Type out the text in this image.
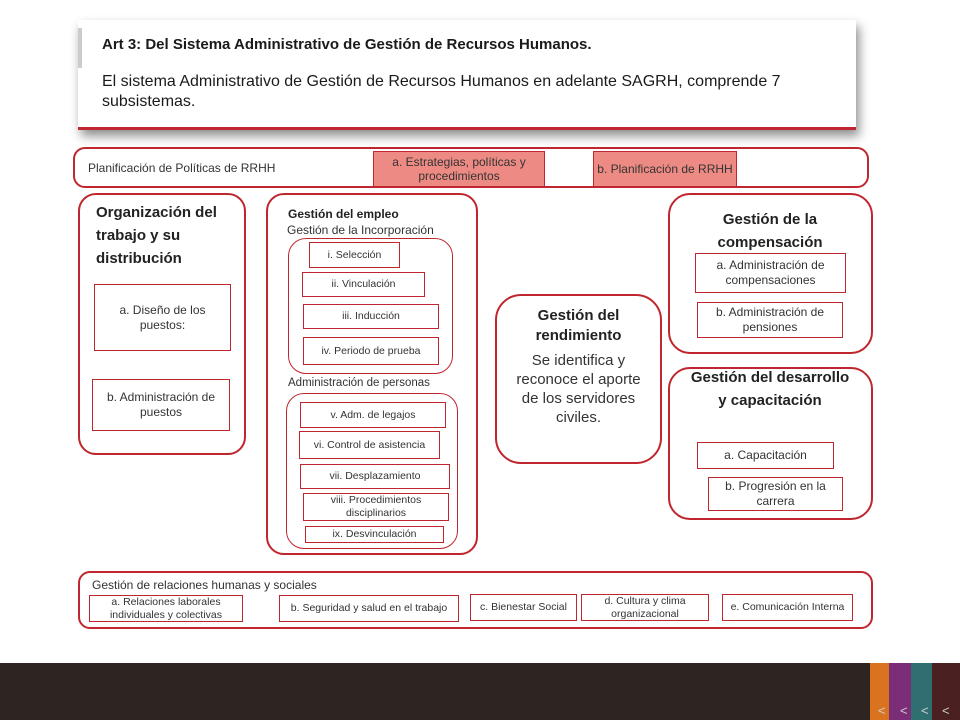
Art 3: Del Sistema Administrativo de Gestión de Recursos Humanos.
El sistema Administrativo de Gestión de Recursos Humanos en adelante SAGRH, comprende 7 subsistemas.
Planificación de Políticas de RRHH	a. Estrategias, políticas y procedimientos	b. Planificación de RRHH
Organización del trabajo y su distribución
a. Diseño de los puestos:
b. Administración de puestos
Gestión del empleo
Gestión de la Incorporación
i. Selección
ii. Vinculación
iii. Inducción
iv. Periodo de prueba
Administración de personas
v. Adm. de legajos
vi. Control de asistencia
vii. Desplazamiento
viii. Procedimientos disciplinarios
ix. Desvinculación
Gestión del rendimiento
Se identifica y reconoce el aporte de los servidores civiles.
Gestión de la compensación
a. Administración de compensaciones
b. Administración de pensiones
Gestión del desarrollo y capacitación
a. Capacitación
b. Progresión en la carrera
Gestión de relaciones humanas y sociales
a. Relaciones laborales individuales y colectivas
b. Seguridad y salud en el trabajo	c. Bienestar Social
d. Cultura y clima organizacional
e. Comunicación Interna
< < < <
